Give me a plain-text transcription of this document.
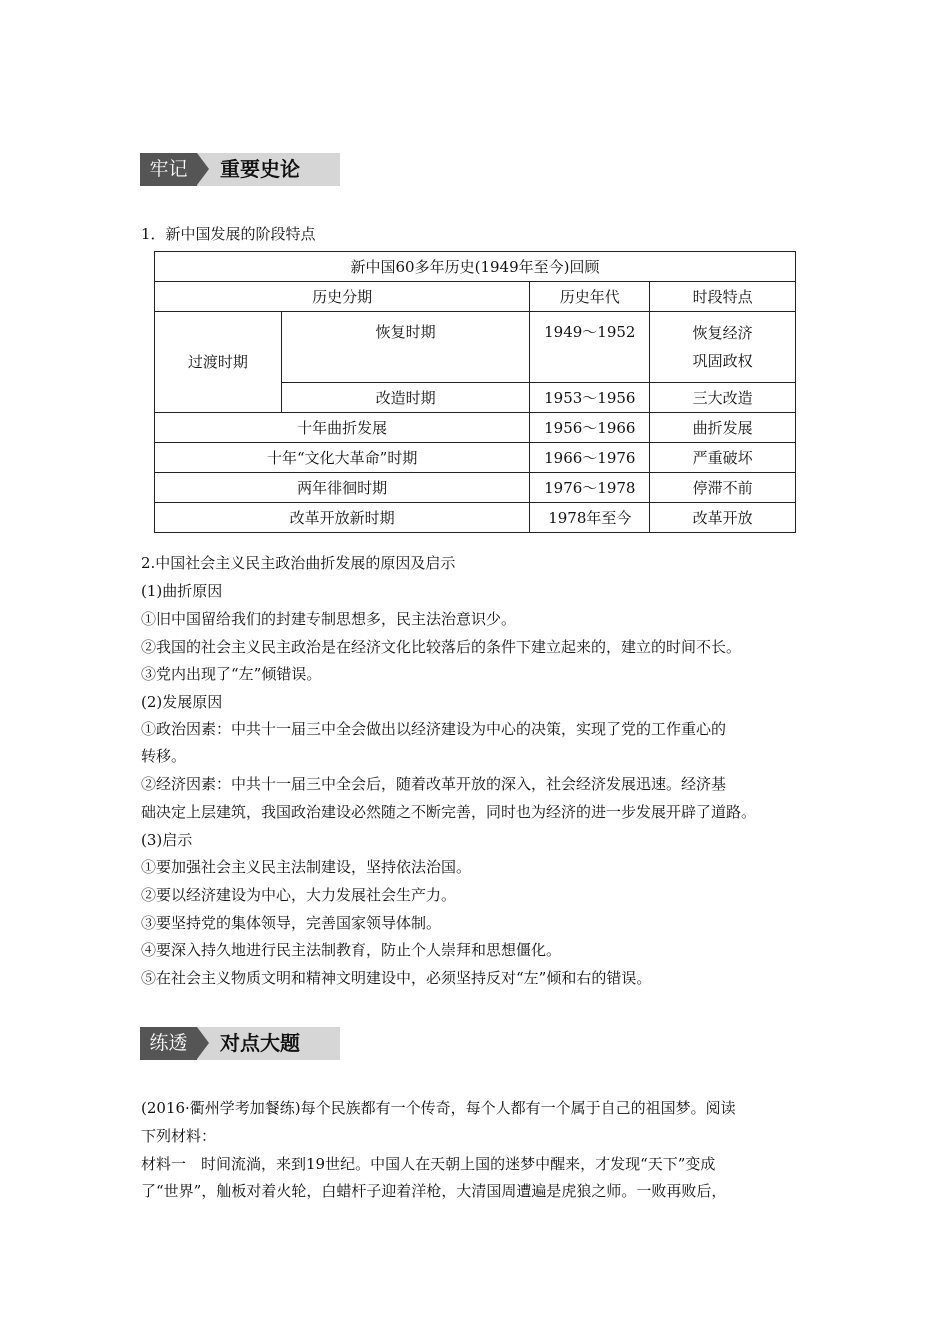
牢记	重要史论
1．新中国发展的阶段特点
新中国60多年历史(1949年至今)回顾			
历史分期		历史年代	时段特点
过渡时期	恢复时期	1949～1952	恢复经济
巩固政权

	改造时期	1953～1956	三大改造
十年曲折发展		1956～1966	曲折发展
十年“文化大革命”时期		1966～1976	严重破坏
两年徘徊时期		1976～1978	停滞不前
改革开放新时期		1978年至今	改革开放
2.中国社会主义民主政治曲折发展的原因及启示
(1)曲折原因
①旧中国留给我们的封建专制思想多，民主法治意识少。
②我国的社会主义民主政治是在经济文化比较落后的条件下建立起来的，建立的时间不长。
③党内出现了“左”倾错误。
(2)发展原因
①政治因素：中共十一届三中全会做出以经济建设为中心的决策，实现了党的工作重心的
转移。
②经济因素：中共十一届三中全会后，随着改革开放的深入，社会经济发展迅速。经济基
础决定上层建筑，我国政治建设必然随之不断完善，同时也为经济的进一步发展开辟了道路。
(3)启示
①要加强社会主义民主法制建设，坚持依法治国。
②要以经济建设为中心，大力发展社会生产力。
③要坚持党的集体领导，完善国家领导体制。
④要深入持久地进行民主法制教育，防止个人崇拜和思想僵化。
⑤在社会主义物质文明和精神文明建设中，必须坚持反对“左”倾和右的错误。
练透	对点大题
(2016·衢州学考加餐练)每个民族都有一个传奇，每个人都有一个属于自己的祖国梦。阅读
下列材料：
材料一　时间流淌，来到19世纪。中国人在天朝上国的迷梦中醒来，才发现“天下”变成
了“世界”，舢板对着火轮，白蜡杆子迎着洋枪，大清国周遭遍是虎狼之师。一败再败后，
